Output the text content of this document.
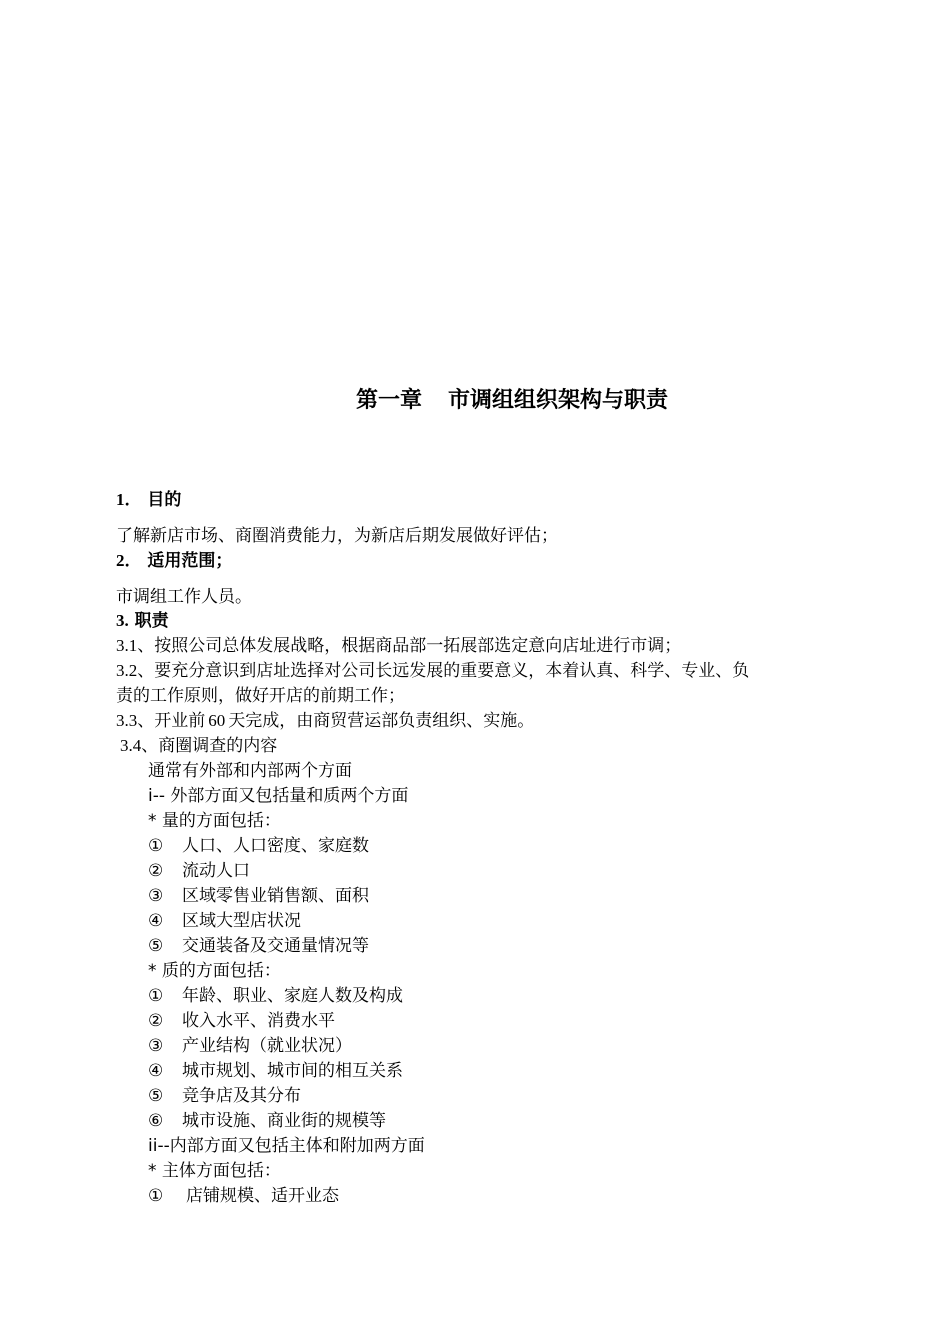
第一章 市调组组织架构与职责
1． 目的
了解新店市场、商圈消费能力，为新店后期发展做好评估；
2． 适用范围；
市调组工作人员。
3. 职责
3.1、按照公司总体发展战略，根据商品部一拓展部选定意向店址进行市调；
3.2、要充分意识到店址选择对公司长远发展的重要意义，本着认真、科学、专业、负
责的工作原则，做好开店的前期工作；
3.3、开业前 60 天完成，由商贸营运部负责组织、实施。
3.4、商圈调查的内容
通常有外部和内部两个方面
i-- 外部方面又包括量和质两个方面
* 量的方面包括：
① 人口、人口密度、家庭数
② 流动人口
③ 区域零售业销售额、面积
④ 区域大型店状况
⑤ 交通装备及交通量情况等
* 质的方面包括：
① 年龄、职业、家庭人数及构成
② 收入水平、消费水平
③ 产业结构（就业状况）
④ 城市规划、城市间的相互关系
⑤ 竞争店及其分布
⑥ 城市设施、商业街的规模等
ii--内部方面又包括主体和附加两方面
* 主体方面包括：
① 店铺规模、适开业态
